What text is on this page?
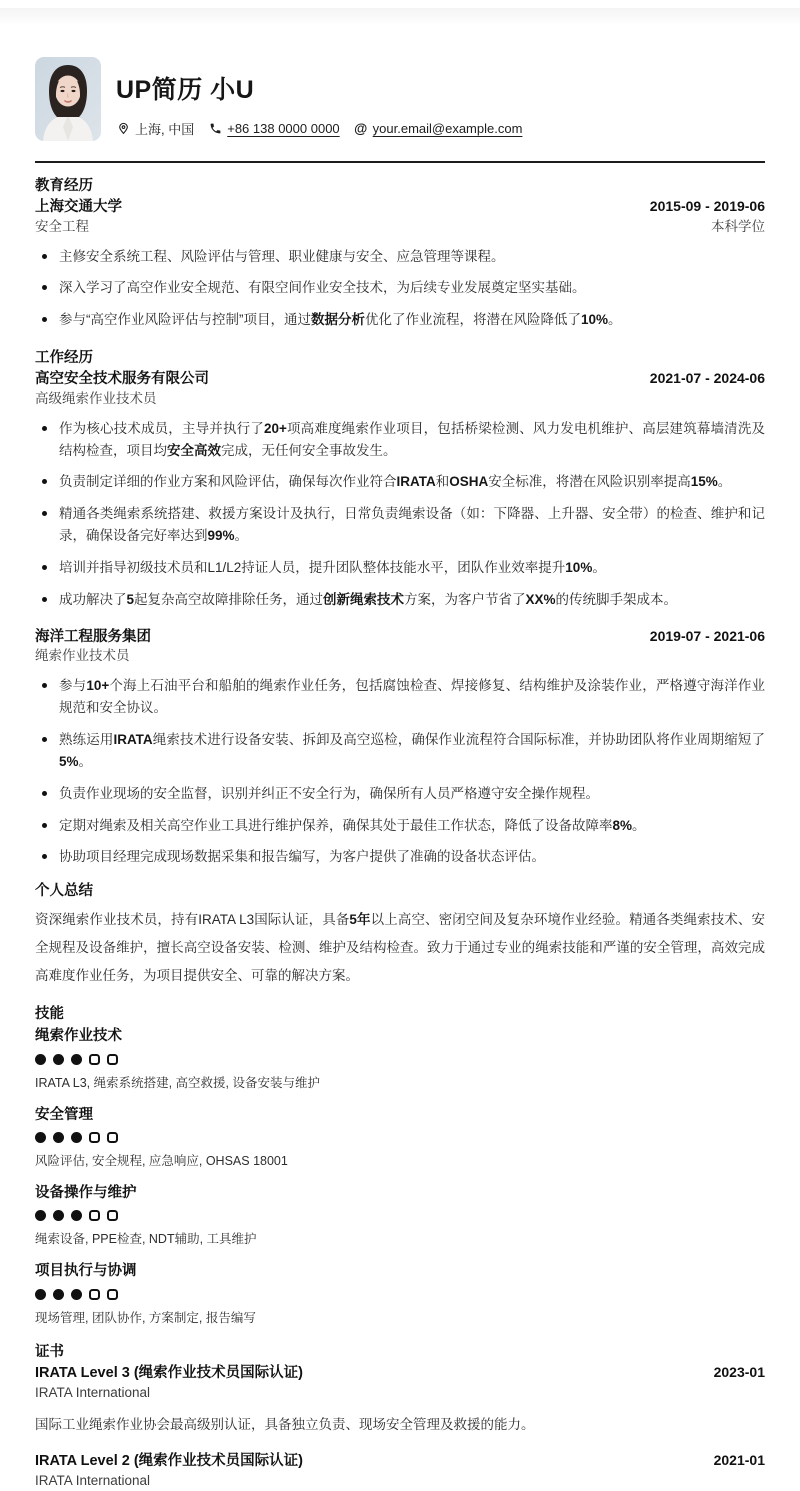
UP简历 小U
上海, 中国	+86 138 0000 0000 @ your.email@example.com
教育经历
上海交通大学	2015-09 - 2019-06
安全工程	本科学位
主修安全系统工程、风险评估与管理、职业健康与安全、应急管理等课程。
深入学习了高空作业安全规范、有限空间作业安全技术，为后续专业发展奠定坚实基础。
参与“高空作业风险评估与控制”项目，通过数据分析优化了作业流程，将潜在风险降低了10%。
工作经历
高空安全技术服务有限公司	2021-07 - 2024-06
高级绳索作业技术员
作为核心技术成员，主导并执行了20+项高难度绳索作业项目，包括桥梁检测、风力发电机维护、高层建筑幕墙清洗及结构检查，项目均安全高效完成，无任何安全事故发生。
负责制定详细的作业方案和风险评估，确保每次作业符合IRATA和OSHA安全标准，将潜在风险识别率提高15%。
精通各类绳索系统搭建、救援方案设计及执行，日常负责绳索设备（如：下降器、上升器、安全带）的检查、维护和记录，确保设备完好率达到99%。
培训并指导初级技术员和L1/L2持证人员，提升团队整体技能水平，团队作业效率提升10%。
成功解决了5起复杂高空故障排除任务，通过创新绳索技术方案，为客户节省了XX%的传统脚手架成本。
海洋工程服务集团	2019-07 - 2021-06
绳索作业技术员
参与10+个海上石油平台和船舶的绳索作业任务，包括腐蚀检查、焊接修复、结构维护及涂装作业，严格遵守海洋作业规范和安全协议。
熟练运用IRATA绳索技术进行设备安装、拆卸及高空巡检，确保作业流程符合国际标准，并协助团队将作业周期缩短了5%。
负责作业现场的安全监督，识别并纠正不安全行为，确保所有人员严格遵守安全操作规程。
定期对绳索及相关高空作业工具进行维护保养，确保其处于最佳工作状态，降低了设备故障率8%。
协助项目经理完成现场数据采集和报告编写，为客户提供了准确的设备状态评估。
个人总结
资深绳索作业技术员，持有IRATA L3国际认证，具备5年以上高空、密闭空间及复杂环境作业经验。精通各类绳索技术、安全规程及设备维护，擅长高空设备安装、检测、维护及结构检查。致力于通过专业的绳索技能和严谨的安全管理，高效完成高难度作业任务，为项目提供安全、可靠的解决方案。
技能
绳索作业技术
IRATA L3, 绳索系统搭建, 高空救援, 设备安装与维护
安全管理
风险评估, 安全规程, 应急响应, OHSAS 18001
设备操作与维护
绳索设备, PPE检查, NDT辅助, 工具维护
项目执行与协调
现场管理, 团队协作, 方案制定, 报告编写
证书
IRATA Level 3 (绳索作业技术员国际认证)	2023-01
IRATA International
国际工业绳索作业协会最高级别认证，具备独立负责、现场安全管理及救援的能力。
IRATA Level 2 (绳索作业技术员国际认证)	2021-01
IRATA International
